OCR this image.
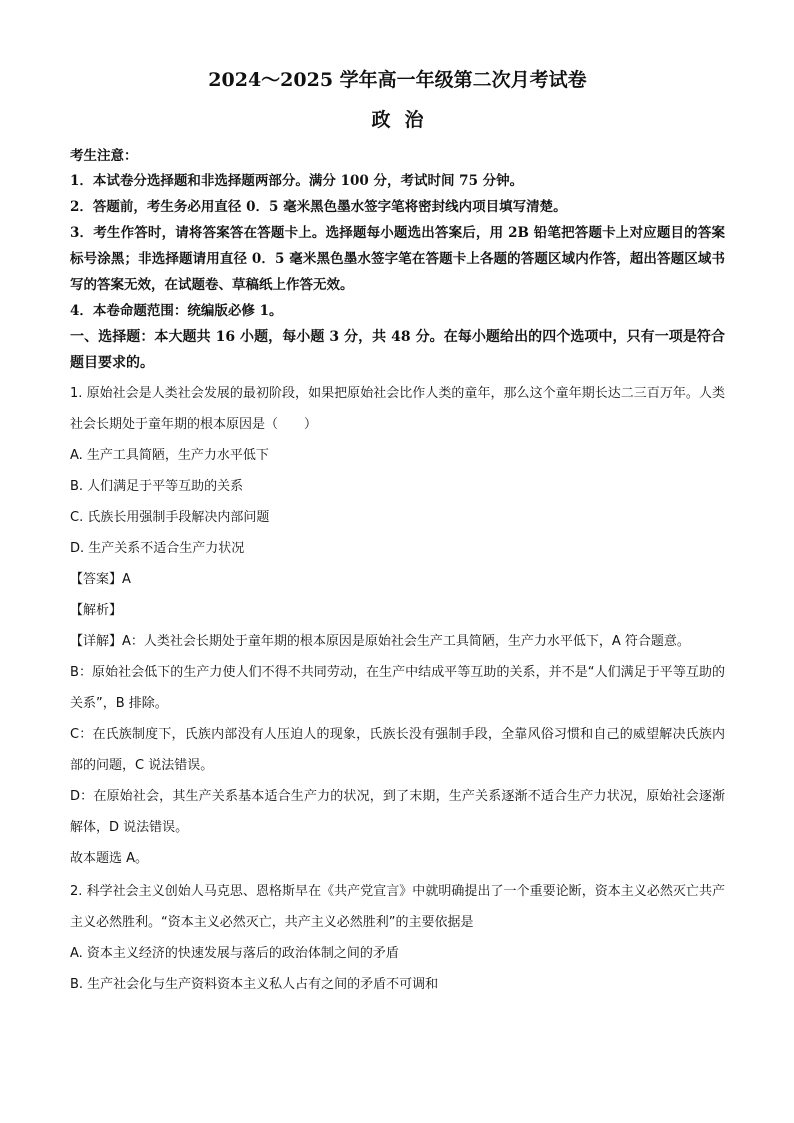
2024～2025 学年高一年级第二次月考试卷
政治

考生注意：

1．本试卷分选择题和非选择题两部分。满分 100 分，考试时间 75 分钟。

2．答题前，考生务必用直径 0．5 毫米黑色墨水签字笔将密封线内项目填写清楚。

3．考生作答时，请将答案答在答题卡上。选择题每小题选出答案后，用 2B 铅笔把答题卡上对应题目的答案标号涂黑；非选择题请用直径 0．5 毫米黑色墨水签字笔在答题卡上各题的答题区域内作答，超出答题区域书写的答案无效，在试题卷、草稿纸上作答无效。

4．本卷命题范围：统编版必修 1。

一、选择题：本大题共 16 小题，每小题 3 分，共 48 分。在每小题给出的四个选项中，只有一项是符合题目要求的。

1. 原始社会是人类社会发展的最初阶段，如果把原始社会比作人类的童年，那么这个童年期长达二三百万年。人类社会长期处于童年期的根本原因是（　　）

A. 生产工具简陋，生产力水平低下

B. 人们满足于平等互助的关系

C. 氏族长用强制手段解决内部问题

D. 生产关系不适合生产力状况

【答案】A

【解析】

【详解】A：人类社会长期处于童年期的根本原因是原始社会生产工具简陋，生产力水平低下，A 符合题意。

B：原始社会低下的生产力使人们不得不共同劳动，在生产中结成平等互助的关系，并不是“人们满足于平等互助的关系”，B 排除。

C：在氏族制度下，氏族内部没有人压迫人的现象，氏族长没有强制手段，全靠风俗习惯和自己的威望解决氏族内部的问题，C 说法错误。

D：在原始社会，其生产关系基本适合生产力的状况，到了末期，生产关系逐渐不适合生产力状况，原始社会逐渐解体，D 说法错误。

故本题选 A。

2. 科学社会主义创始人马克思、恩格斯早在《共产党宣言》中就明确提出了一个重要论断，资本主义必然灭亡共产主义必然胜利。“资本主义必然灭亡，共产主义必然胜利”的主要依据是

A. 资本主义经济的快速发展与落后的政治体制之间的矛盾

B. 生产社会化与生产资料资本主义私人占有之间的矛盾不可调和
